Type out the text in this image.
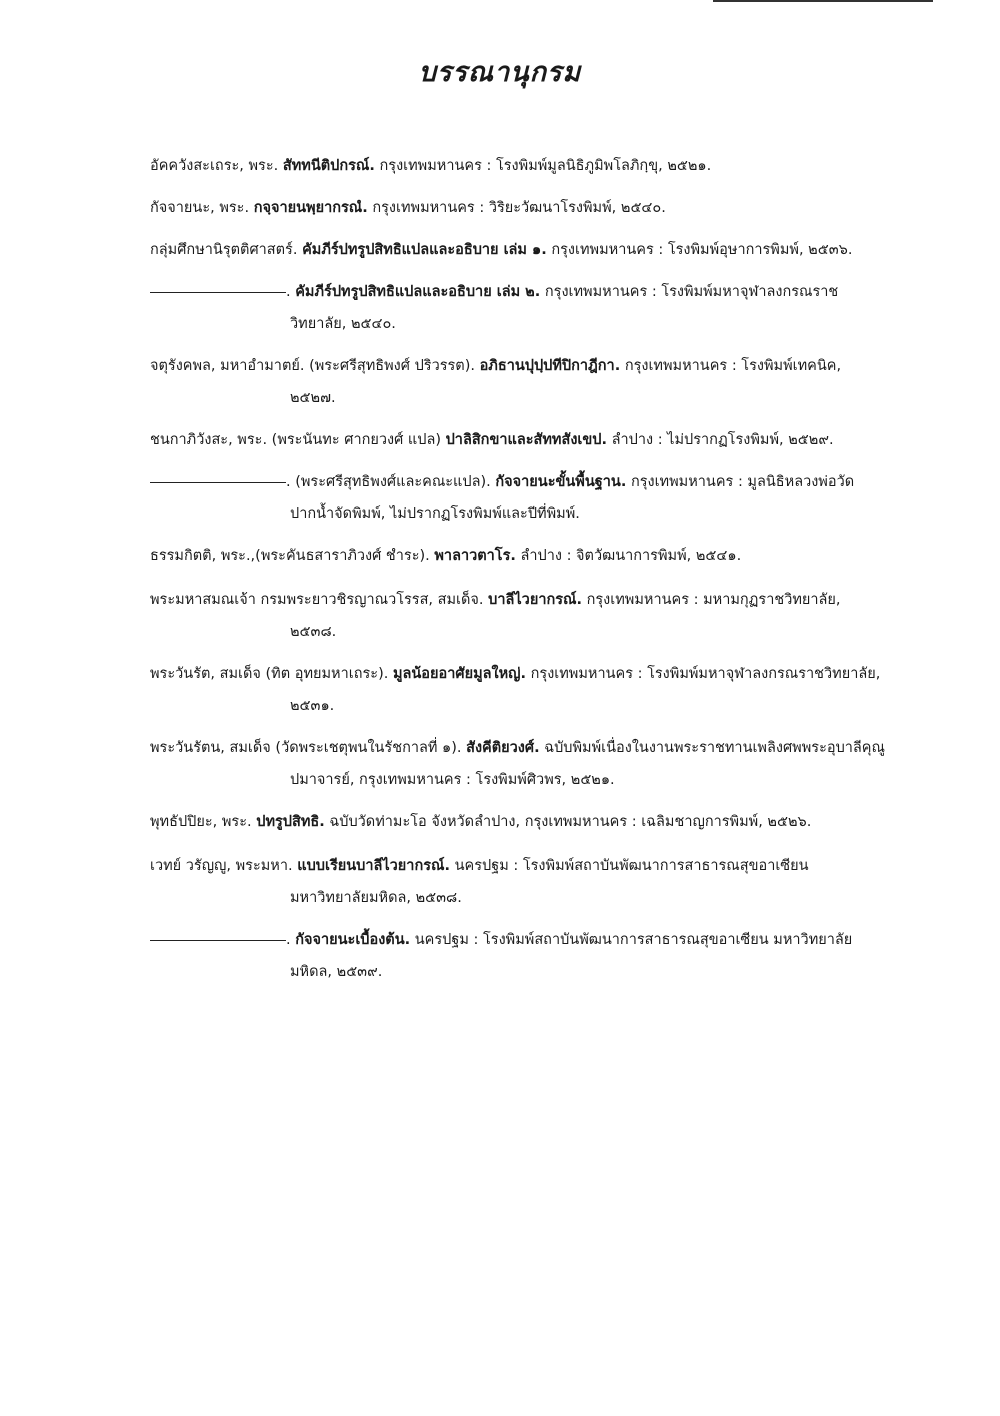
บรรณานุกรม
อัคควังสะเถระ, พระ. สัททนีติปกรณ์. กรุงเทพมหานคร : โรงพิมพ์มูลนิธิภูมิพโลภิกฺขุ, ๒๕๒๑.
กัจจายนะ, พระ. กจฺจายนพฺยากรณํ. กรุงเทพมหานคร : วิริยะวัฒนาโรงพิมพ์, ๒๕๔๐.
กลุ่มศึกษานิรุตติศาสตร์. คัมภีร์ปทรูปสิทธิแปลและอธิบาย เล่ม ๑. กรุงเทพมหานคร : โรงพิมพ์อุษาการพิมพ์, ๒๕๓๖.
. คัมภีร์ปทรูปสิทธิแปลและอธิบาย เล่ม ๒. กรุงเทพมหานคร : โรงพิมพ์มหาจุฬาลงกรณราชวิทยาลัย, ๒๕๔๐.
จตุรังคพล, มหาอำมาตย์. (พระศรีสุทธิพงศ์ ปริวรรต). อภิธานปุปฺปทีปิกาฎีกา. กรุงเทพมหานคร : โรงพิมพ์เทคนิค, ๒๕๒๗.
ชนกาภิวังสะ, พระ. (พระนันทะ ศากยวงศ์ แปล) ปาลิสิกขาและสัททสังเขป. ลำปาง : ไม่ปรากฏโรงพิมพ์, ๒๕๒๙.
. (พระศรีสุทธิพงศ์และคณะแปล). กัจจายนะขั้นพื้นฐาน. กรุงเทพมหานคร : มูลนิธิหลวงพ่อวัดปากน้ำจัดพิมพ์, ไม่ปรากฏโรงพิมพ์และปีที่พิมพ์.
ธรรมกิตติ, พระ.,(พระคันธสาราภิวงศ์ ชำระ). พาลาวตาโร. ลำปาง : จิตวัฒนาการพิมพ์, ๒๕๔๑.
พระมหาสมณเจ้า กรมพระยาวชิรญาณวโรรส, สมเด็จ. บาลีไวยากรณ์. กรุงเทพมหานคร : มหามกุฏราชวิทยาลัย, ๒๕๓๘.
พระวันรัต, สมเด็จ (ทิต อุทยมหาเถระ). มูลน้อยอาศัยมูลใหญ่. กรุงเทพมหานคร : โรงพิมพ์มหาจุฬาลงกรณราชวิทยาลัย, ๒๕๓๑.
พระวันรัตน, สมเด็จ (วัดพระเชตุพนในรัชกาลที่ ๑). สังคีติยวงศ์. ฉบับพิมพ์เนื่องในงานพระราชทานเพลิงศพพระอุบาลีคุณูปมาจารย์, กรุงเทพมหานคร : โรงพิมพ์ศิวพร, ๒๕๒๑.
พุทธัปปิยะ, พระ. ปทรูปสิทธิ. ฉบับวัดท่ามะโอ จังหวัดลำปาง, กรุงเทพมหานคร : เฉลิมชาญการพิมพ์, ๒๕๒๖.
เวทย์ วรัญญู, พระมหา. แบบเรียนบาลีไวยากรณ์. นครปฐม : โรงพิมพ์สถาบันพัฒนาการสาธารณสุขอาเซียน มหาวิทยาลัยมหิดล, ๒๕๓๘.
. กัจจายนะเบื้องต้น. นครปฐม : โรงพิมพ์สถาบันพัฒนาการสาธารณสุขอาเซียน มหาวิทยาลัยมหิดล, ๒๕๓๙.
